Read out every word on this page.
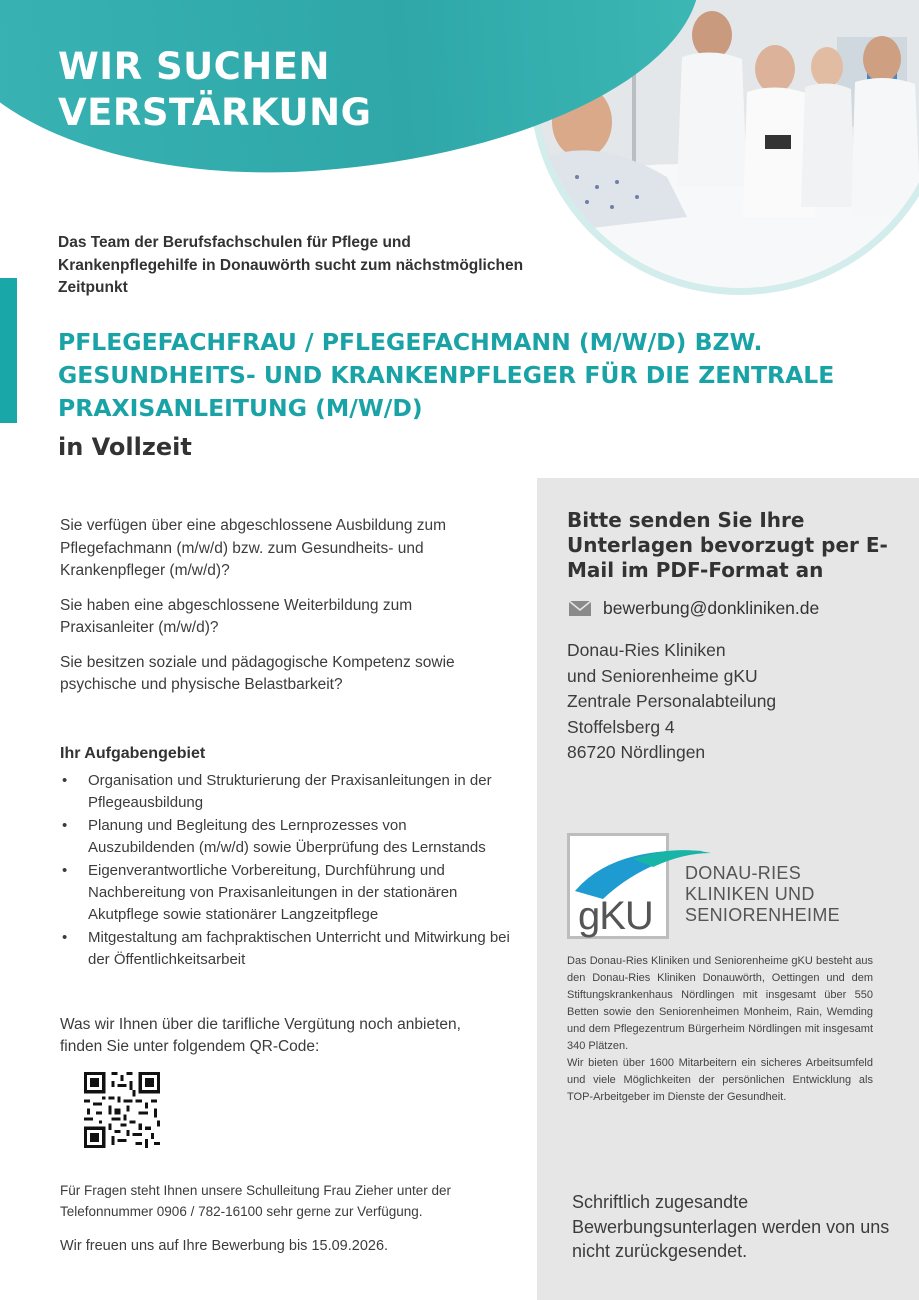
WIR SUCHEN
VERSTÄRKUNG
Das Team der Berufsfachschulen für Pflege und Krankenpflegehilfe in Donauwörth sucht zum nächstmöglichen Zeitpunkt
PFLEGEFACHFRAU / PFLEGEFACHMANN (M/W/D) BZW. GESUNDHEITS- UND KRANKENPFLEGER FÜR DIE ZENTRALE PRAXISANLEITUNG (M/W/D)
in Vollzeit

Sie verfügen über eine abgeschlossene Ausbildung zum Pflegefachmann (m/w/d) bzw. zum Gesundheits- und Krankenpfleger (m/w/d)?

Sie haben eine abgeschlossene Weiterbildung zum Praxisanleiter (m/w/d)?

Sie besitzen soziale und pädagogische Kompetenz sowie psychische und physische Belastbarkeit?

Ihr Aufgabengebiet
• Organisation und Strukturierung der Praxisanleitungen in der Pflegeausbildung
• Planung und Begleitung des Lernprozesses von Auszubildenden (m/w/d) sowie Überprüfung des Lernstands
• Eigenverantwortliche Vorbereitung, Durchführung und Nachbereitung von Praxisanleitungen in der stationären Akutpflege sowie stationärer Langzeitpflege
• Mitgestaltung am fachpraktischen Unterricht und Mitwirkung bei der Öffentlichkeitsarbeit
Was wir Ihnen über die tarifliche Vergütung noch anbieten, finden Sie unter folgendem QR-Code:
Für Fragen steht Ihnen unsere Schulleitung Frau Zieher unter der Telefonnummer 0906 / 782-16100 sehr gerne zur Verfügung.
Wir freuen uns auf Ihre Bewerbung bis 15.09.2026.
Bitte senden Sie Ihre Unterlagen bevorzugt per E-Mail im PDF-Format an
bewerbung@donkliniken.de
Donau-Ries Kliniken
und Seniorenheime gKU
Zentrale Personalabteilung
Stoffelsberg 4
86720 Nördlingen
gKU
DONAU-RIES
KLINIKEN UND
SENIORENHEIME

Das Donau-Ries Kliniken und Seniorenheime gKU besteht aus den Donau-Ries Kliniken Donauwörth, Oettingen und dem Stiftungskrankenhaus Nördlingen mit insgesamt über 550 Betten sowie den Seniorenheimen Monheim, Rain, Wemding und dem Pflegezentrum Bürgerheim Nördlingen mit insgesamt 340 Plätzen.

Wir bieten über 1600 Mitarbeitern ein sicheres Arbeitsumfeld und viele Möglichkeiten der persönlichen Entwicklung als TOP-Arbeitgeber im Dienste der Gesundheit.

Schriftlich zugesandte Bewerbungsunterlagen werden von uns nicht zurückgesendet.
